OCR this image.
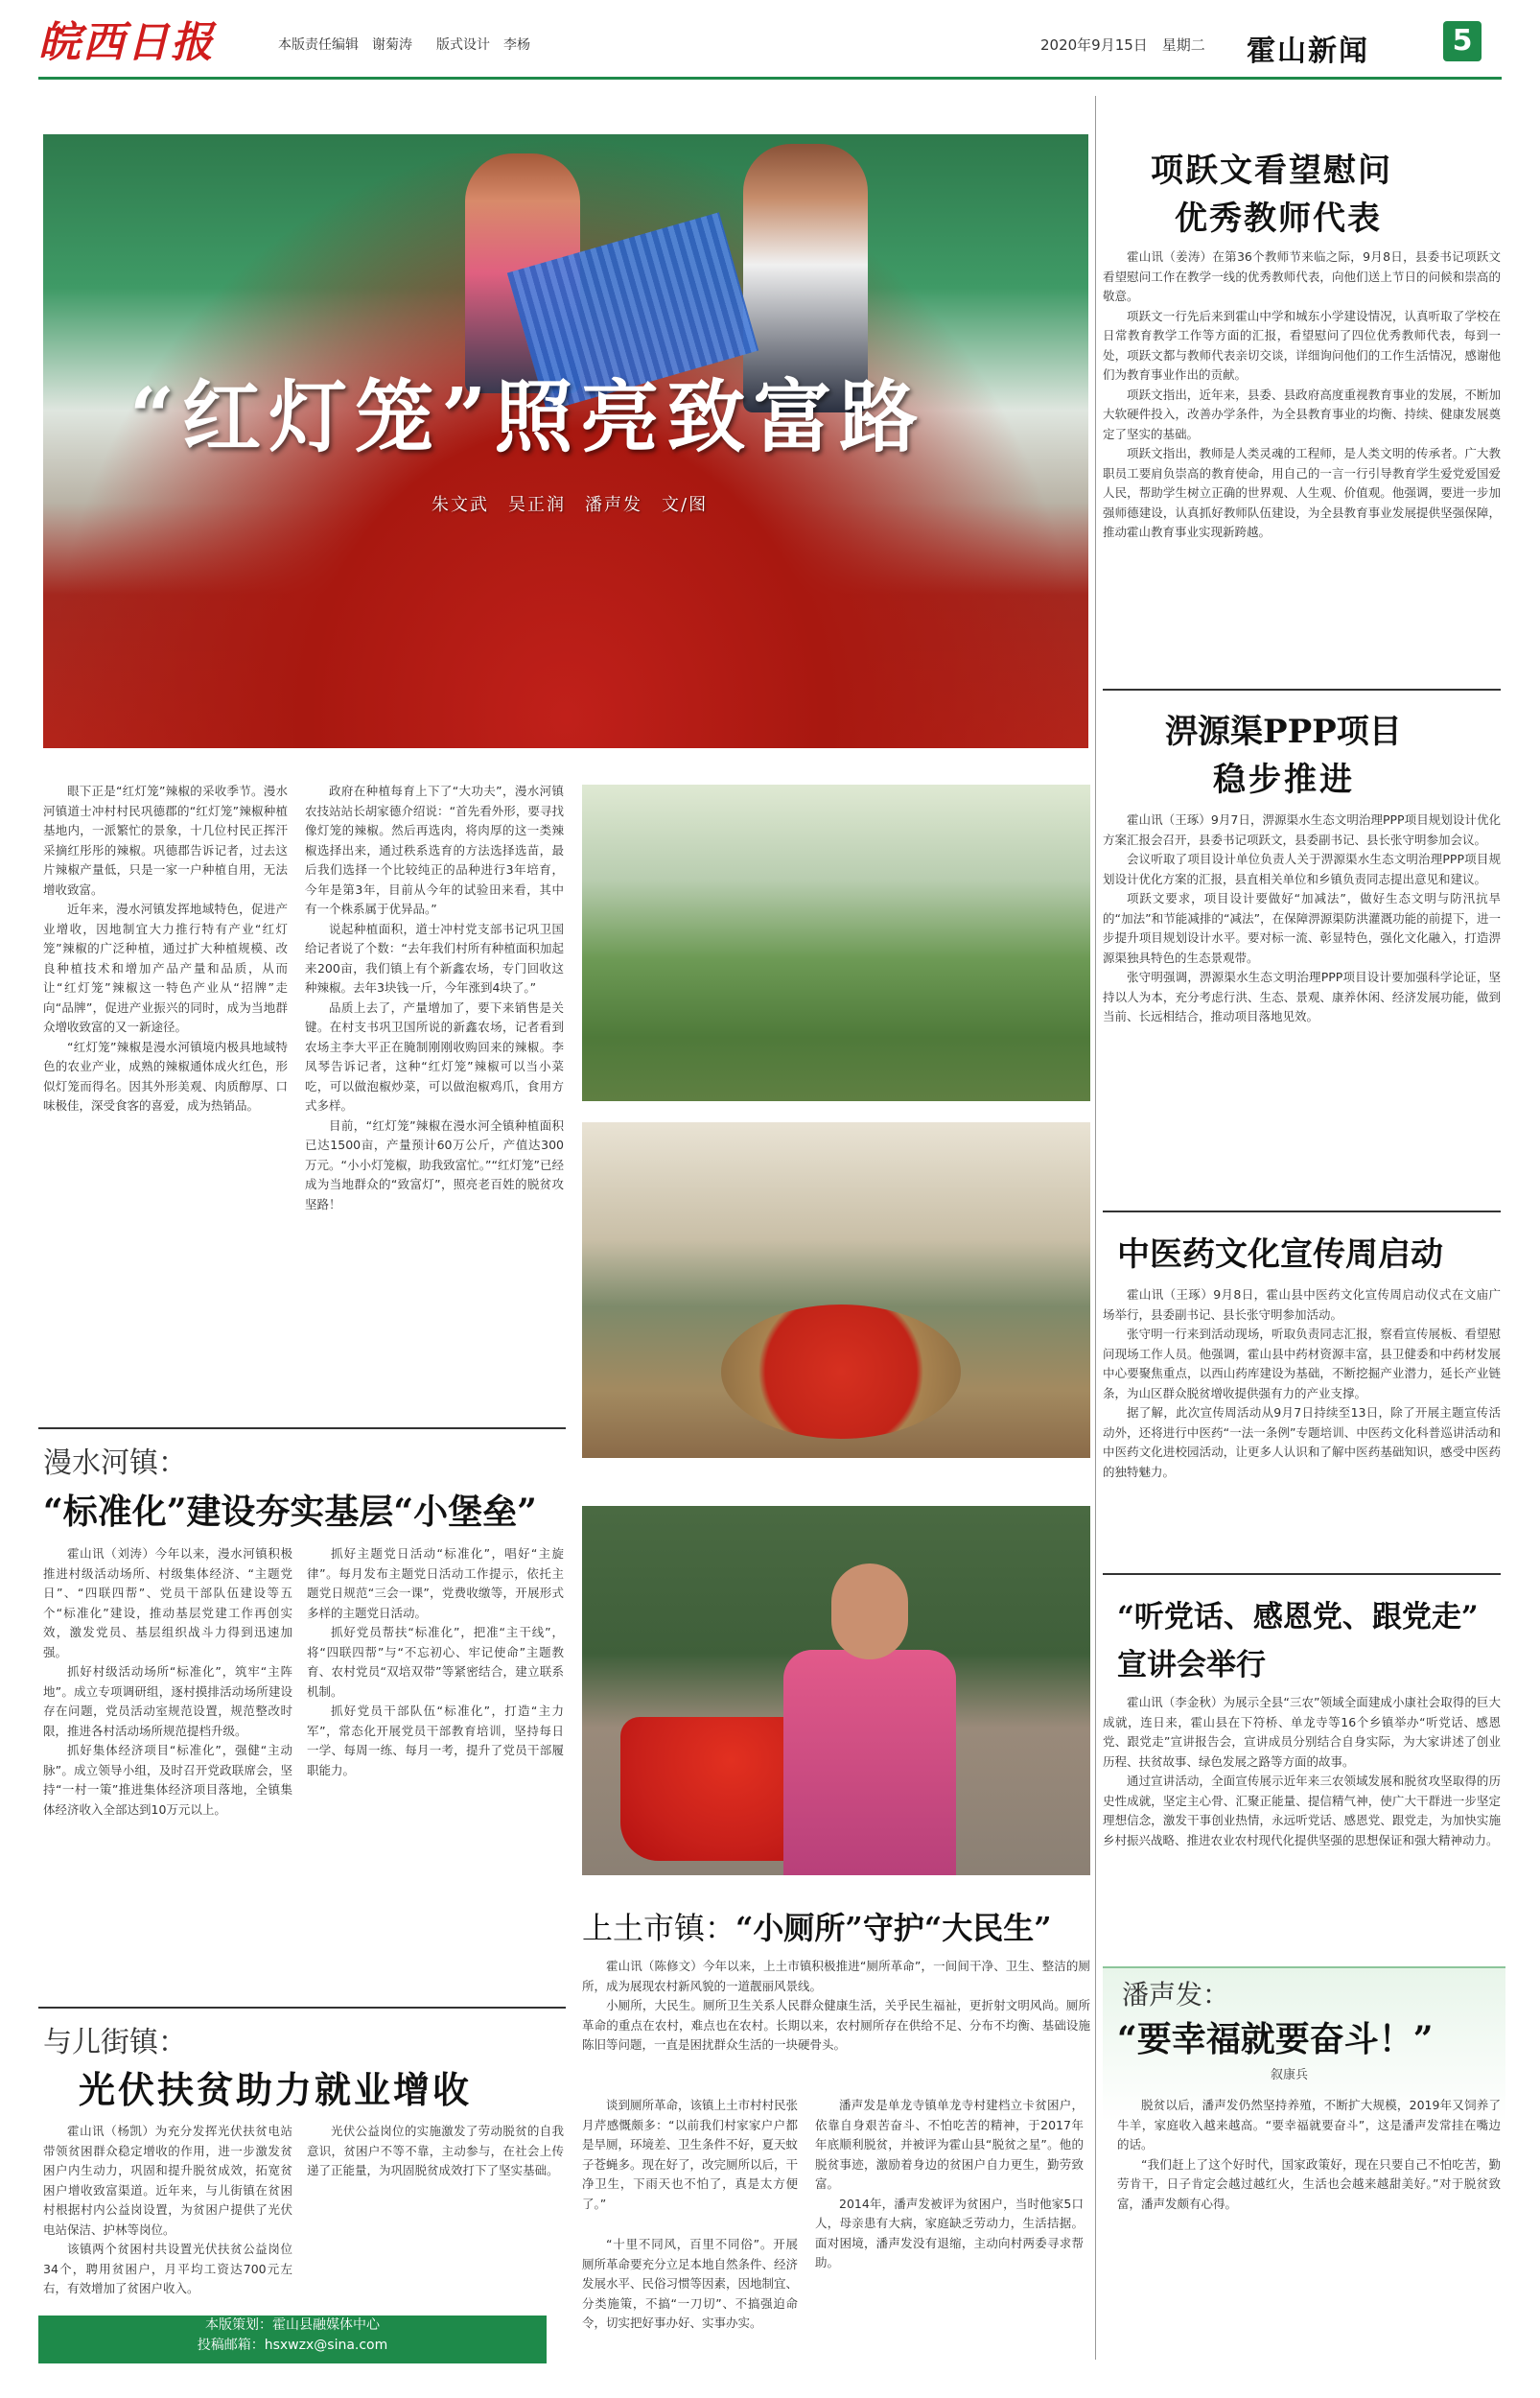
皖西日报	本版责任编辑　谢菊涛 版式设计　李杨	2020年9月15日　星期二 霍山新闻	5
“红灯笼”照亮致富路
朱文武　吴正润　潘声发　文/图

眼下正是“红灯笼”辣椒的采收季节。漫水河镇道士冲村村民巩德郡的“红灯笼”辣椒种植基地内，一派繁忙的景象，十几位村民正挥汗采摘红彤彤的辣椒。巩德郡告诉记者，过去这片辣椒产量低，只是一家一户种植自用，无法增收致富。

近年来，漫水河镇发挥地域特色，促进产业增收，因地制宜大力推行特有产业“红灯笼”辣椒的广泛种植，通过扩大种植规模、改良种植技术和增加产品产量和品质，从而让“红灯笼”辣椒这一特色产业从“招牌”走向“品牌”，促进产业振兴的同时，成为当地群众增收致富的又一新途径。

“红灯笼”辣椒是漫水河镇境内极具地域特色的农业产业，成熟的辣椒通体成火红色，形似灯笼而得名。因其外形美观、肉质醇厚、口味极佳，深受食客的喜爱，成为热销品。

政府在种植每育上下了“大功夫”，漫水河镇农技站站长胡家德介绍说：“首先看外形，要寻找像灯笼的辣椒。然后再选肉，将肉厚的这一类辣椒选择出来，通过秩系选育的方法选择选苗，最后我们选择一个比较纯正的品种进行3年培育，今年是第3年，目前从今年的试验田来看，其中有一个株系属于优异品。”

说起种植面积，道士冲村党支部书记巩卫国给记者说了个数：“去年我们村所有种植面积加起来200亩，我们镇上有个新鑫农场，专门回收这种辣椒。去年3块钱一斤，今年涨到4块了。”

品质上去了，产量增加了，要下来销售是关键。在村支书巩卫国所说的新鑫农场，记者看到农场主李大平正在腌制刚刚收购回来的辣椒。李凤琴告诉记者，这种“红灯笼”辣椒可以当小菜吃，可以做泡椒炒菜，可以做泡椒鸡爪，食用方式多样。

目前，“红灯笼”辣椒在漫水河全镇种植面积已达1500亩，产量预计60万公斤，产值达300万元。“小小灯笼椒，助我致富忙。”“红灯笼”已经成为当地群众的“致富灯”，照亮老百姓的脱贫攻坚路！

漫水河镇：
“标准化”建设夯实基层“小堡垒”

霍山讯（刘涛）今年以来，漫水河镇积极推进村级活动场所、村级集体经济、“主题党日”、“四联四帮”、党员干部队伍建设等五个“标准化”建设，推动基层党建工作再创实效，激发党员、基层组织战斗力得到迅速加强。

抓好村级活动场所“标准化”，筑牢“主阵地”。成立专项调研组，逐村摸排活动场所建设存在问题，党员活动室规范设置，规范整改时限，推进各村活动场所规范提档升级。

抓好集体经济项目“标准化”，强健“主动脉”。成立领导小组，及时召开党政联席会，坚持“一村一策”推进集体经济项目落地，全镇集体经济收入全部达到10万元以上。

抓好主题党日活动“标准化”，唱好“主旋律”。每月发布主题党日活动工作提示，依托主题党日规范“三会一课”，党费收缴等，开展形式多样的主题党日活动。

抓好党员帮扶“标准化”，把准“主干线”，将“四联四帮”与“不忘初心、牢记使命”主题教育、农村党员“双培双带”等紧密结合，建立联系机制。

抓好党员干部队伍“标准化”，打造“主力军”，常态化开展党员干部教育培训，坚持每日一学、每周一练、每月一考，提升了党员干部履职能力。

与儿街镇：
光伏扶贫助力就业增收

霍山讯（杨凯）为充分发挥光伏扶贫电站带领贫困群众稳定增收的作用，进一步激发贫困户内生动力，巩固和提升脱贫成效，拓宽贫困户增收致富渠道。近年来，与儿街镇在贫困村根据村内公益岗设置，为贫困户提供了光伏电站保洁、护林等岗位。

该镇两个贫困村共设置光伏扶贫公益岗位34个，聘用贫困户，月平均工资达700元左右，有效增加了贫困户收入。

光伏公益岗位的实施激发了劳动脱贫的自我意识，贫困户不等不靠，主动参与，在社会上传递了正能量，为巩固脱贫成效打下了坚实基础。

本版策划：霍山县融媒体中心
投稿邮箱：hsxwzx@sina.com
上土市镇：“小厕所”守护“大民生”

霍山讯（陈修文）今年以来，上土市镇积极推进“厕所革命”，一间间干净、卫生、整洁的厕所，成为展现农村新风貌的一道靓丽风景线。

小厕所，大民生。厕所卫生关系人民群众健康生活，关乎民生福祉，更折射文明风尚。厕所革命的重点在农村，难点也在农村。长期以来，农村厕所存在供给不足、分布不均衡、基础设施陈旧等问题，一直是困扰群众生活的一块硬骨头。

谈到厕所革命，该镇上土市村村民张月芹感慨颇多：“以前我们村家家户户都是旱厕，环境差、卫生条件不好，夏天蚊子苍蝇多。现在好了，改完厕所以后，干净卫生，下雨天也不怕了，真是太方便了。”

“十里不同风，百里不同俗”。开展厕所革命要充分立足本地自然条件、经济发展水平、民俗习惯等因素，因地制宜、分类施策，不搞“一刀切”、不搞强迫命令，切实把好事办好、实事办实。

项跃文看望慰问
优秀教师代表

霍山讯（姜涛）在第36个教师节来临之际，9月8日，县委书记项跃文看望慰问工作在教学一线的优秀教师代表，向他们送上节日的问候和崇高的敬意。

项跃文一行先后来到霍山中学和城东小学建设情况，认真听取了学校在日常教育教学工作等方面的汇报，看望慰问了四位优秀教师代表，每到一处，项跃文都与教师代表亲切交谈，详细询问他们的工作生活情况，感谢他们为教育事业作出的贡献。

项跃文指出，近年来，县委、县政府高度重视教育事业的发展，不断加大软硬件投入，改善办学条件，为全县教育事业的均衡、持续、健康发展奠定了坚实的基础。

项跃文指出，教师是人类灵魂的工程师，是人类文明的传承者。广大教职员工要肩负崇高的教育使命，用自己的一言一行引导教育学生爱党爱国爱人民，帮助学生树立正确的世界观、人生观、价值观。他强调，要进一步加强师德建设，认真抓好教师队伍建设，为全县教育事业发展提供坚强保障，推动霍山教育事业实现新跨越。

淠源渠PPP项目
稳步推进

霍山讯（王琢）9月7日，淠源渠水生态文明治理PPP项目规划设计优化方案汇报会召开，县委书记项跃文，县委副书记、县长张守明参加会议。

会议听取了项目设计单位负责人关于淠源渠水生态文明治理PPP项目规划设计优化方案的汇报，县直相关单位和乡镇负责同志提出意见和建议。

项跃文要求，项目设计要做好“加减法”，做好生态文明与防汛抗旱的“加法”和节能减排的“减法”，在保障淠源渠防洪灌溉功能的前提下，进一步提升项目规划设计水平。要对标一流、彰显特色，强化文化融入，打造淠源渠独具特色的生态景观带。

张守明强调，淠源渠水生态文明治理PPP项目设计要加强科学论证，坚持以人为本，充分考虑行洪、生态、景观、康养休闲、经济发展功能，做到当前、长远相结合，推动项目落地见效。

中医药文化宣传周启动

霍山讯（王琢）9月8日，霍山县中医药文化宣传周启动仪式在文庙广场举行，县委副书记、县长张守明参加活动。

张守明一行来到活动现场，听取负责同志汇报，察看宣传展板、看望慰问现场工作人员。他强调，霍山县中药材资源丰富，县卫健委和中药材发展中心要聚焦重点，以西山药库建设为基础，不断挖掘产业潜力，延长产业链条，为山区群众脱贫增收提供强有力的产业支撑。

据了解，此次宣传周活动从9月7日持续至13日，除了开展主题宣传活动外，还将进行中医药“一法一条例”专题培训、中医药文化科普巡讲活动和中医药文化进校园活动，让更多人认识和了解中医药基础知识，感受中医药的独特魅力。

“听党话、感恩党、跟党走”
宣讲会举行

霍山讯（李金秋）为展示全县“三农”领域全面建成小康社会取得的巨大成就，连日来，霍山县在下符桥、单龙寺等16个乡镇举办“听党话、感恩党、跟党走”宣讲报告会，宣讲成员分别结合自身实际，为大家讲述了创业历程、扶贫故事、绿色发展之路等方面的故事。

通过宣讲活动，全面宣传展示近年来三农领域发展和脱贫攻坚取得的历史性成就，坚定主心骨、汇聚正能量、提信精气神，使广大干群进一步坚定理想信念，激发干事创业热情，永远听党话、感恩党、跟党走，为加快实施乡村振兴战略、推进农业农村现代化提供坚强的思想保证和强大精神动力。

潘声发：
“要幸福就要奋斗！”
叙康兵

潘声发是单龙寺镇单龙寺村建档立卡贫困户，依靠自身艰苦奋斗、不怕吃苦的精神，于2017年年底顺利脱贫，并被评为霍山县“脱贫之星”。他的脱贫事迹，激励着身边的贫困户自力更生，勤劳致富。

2014年，潘声发被评为贫困户，当时他家5口人，母亲患有大病，家庭缺乏劳动力，生活拮据。面对困境，潘声发没有退缩，主动向村两委寻求帮助。

脱贫以后，潘声发仍然坚持养殖，不断扩大规模，2019年又饲养了牛羊，家庭收入越来越高。“要幸福就要奋斗”，这是潘声发常挂在嘴边的话。

“我们赶上了这个好时代，国家政策好，现在只要自己不怕吃苦，勤劳肯干，日子肯定会越过越红火，生活也会越来越甜美好。”对于脱贫致富，潘声发颇有心得。
